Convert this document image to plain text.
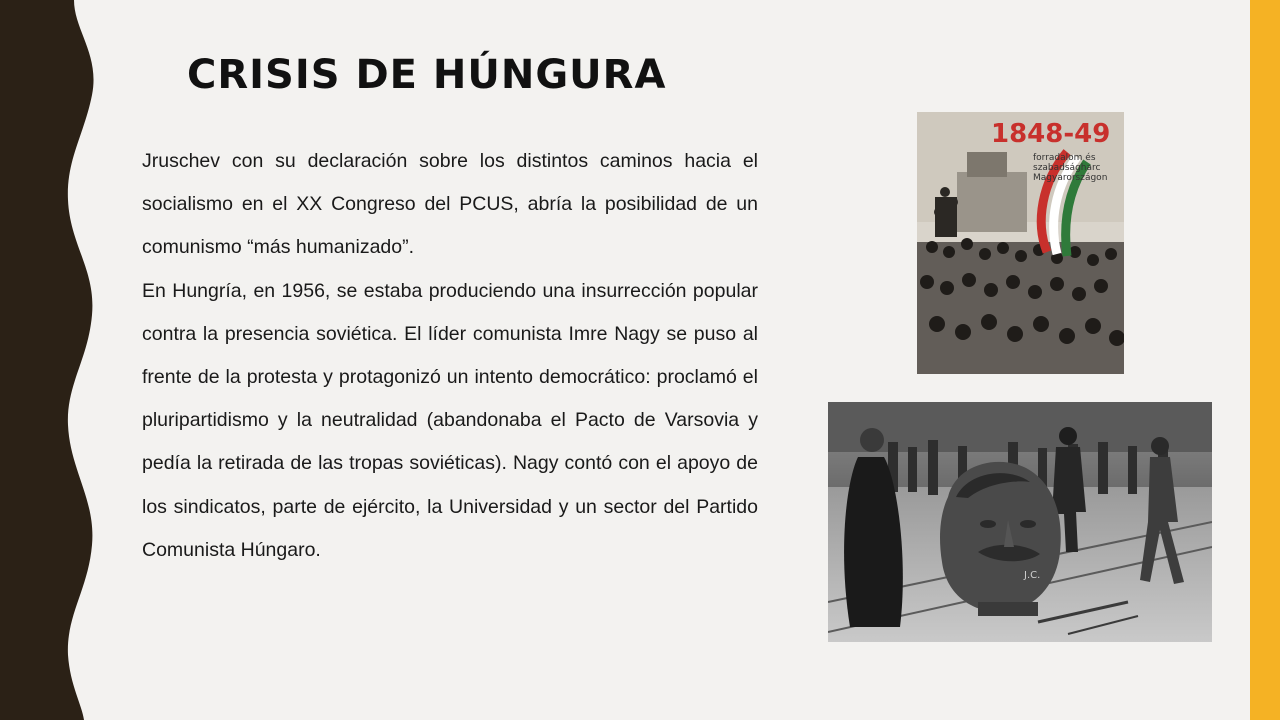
CRISIS DE HÚNGURA

Jruschev con su declaración sobre los distintos caminos hacia el socialismo en el XX Congreso del PCUS, abría la posibilidad de un comunismo “más humanizado”.

En Hungría, en 1956, se estaba produciendo una insurrección popular contra la presencia soviética. El líder comunista Imre Nagy se puso al frente de la protesta y protagonizó un intento democrático: proclamó el pluripartidismo y la neutralidad (abandonaba el Pacto de Varsovia y pedía la retirada de las tropas soviéticas). Nagy contó con el apoyo de los sindicatos, parte de ejército, la Universidad y un sector del Partido Comunista Húngaro.

1848-49
forradalom és
szabadságharc
Magyarországon
J.C.
